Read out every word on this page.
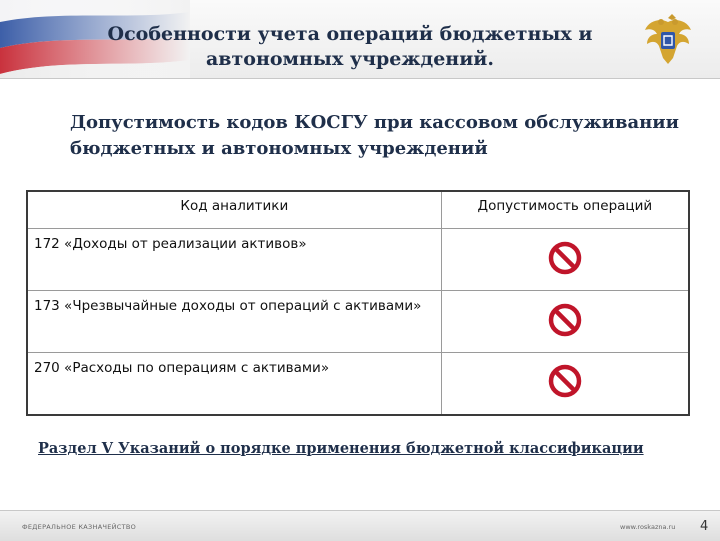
Особенности учета операций бюджетных и автономных учреждений.
Допустимость кодов КОСГУ при кассовом обслуживании бюджетных и автономных учреждений
Код аналитики	Допустимость операций
172 «Доходы от реализации активов»	
173 «Чрезвычайные доходы от операций с активами»	
270 «Расходы по операциям с активами»	
Раздел V Указаний о порядке применения бюджетной классификации
ФЕДЕРАЛЬНОЕ КАЗНАЧЕЙСТВО	www.roskazna.ru 4
